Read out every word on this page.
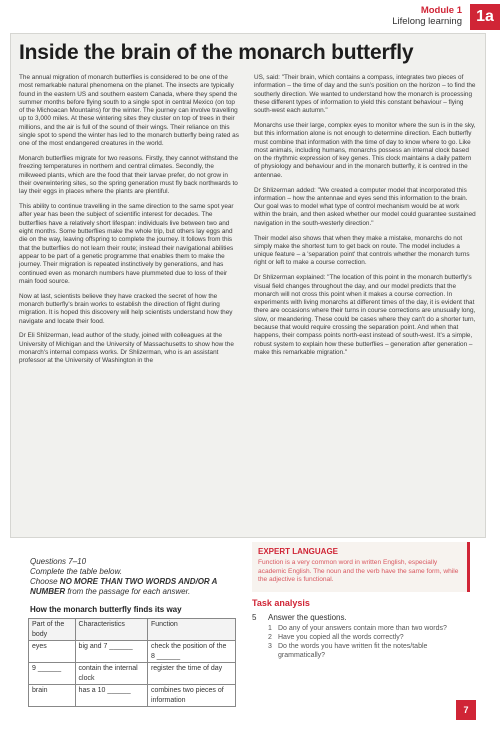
Module 1
Lifelong learning 1a
Inside the brain of the monarch butterfly

The annual migration of monarch butterflies is considered to be one of the most remarkable natural phenomena on the planet. The insects are typically found in the eastern US and southern eastern Canada, where they spend the summer months before flying south to a single spot in central Mexico (on top of the Michoacan Mountains) for the winter. The journey can involve travelling up to 3,000 miles. At these wintering sites they cluster on top of trees in their millions, and the air is full of the sound of their wings. Their reliance on this single spot to spend the winter has led to the monarch butterfly being rated as one of the most endangered creatures in the world.

Monarch butterflies migrate for two reasons. Firstly, they cannot withstand the freezing temperatures in northern and central climates. Secondly, the milkweed plants, which are the food that their larvae prefer, do not grow in their overwintering sites, so the spring generation must fly back northwards to lay their eggs in places where the plants are plentiful.

This ability to continue travelling in the same direction to the same spot year after year has been the subject of scientific interest for decades. The butterflies have a relatively short lifespan: individuals live between two and eight months. Some butterflies make the whole trip, but others lay eggs and die on the way, leaving offspring to complete the journey. It follows from this that the butterflies do not learn their route; instead their navigational abilities appear to be part of a genetic programme that enables them to make the journey. Their migration is repeated instinctively by generations, and has continued even as monarch numbers have plummeted due to loss of their main food source.

Now at last, scientists believe they have cracked the secret of how the monarch butterfly's brain works to establish the direction of flight during migration. It is hoped this discovery will help scientists understand how they navigate and locate their food.

Dr Eli Shlizerman, lead author of the study, joined with colleagues at the University of Michigan and the University of Massachusetts to show how the monarch's internal compass works. Dr Shlizerman, who is an assistant professor at the University of Washington in the

US, said: "Their brain, which contains a compass, integrates two pieces of information – the time of day and the sun's position on the horizon – to find the southerly direction. We wanted to understand how the monarch is processing these different types of information to yield this constant behaviour – flying south-west each autumn."

Monarchs use their large, complex eyes to monitor where the sun is in the sky, but this information alone is not enough to determine direction. Each butterfly must combine that information with the time of day to know where to go. Like most animals, including humans, monarchs possess an internal clock based on the rhythmic expression of key genes. This clock maintains a daily pattern of physiology and behaviour and in the monarch butterfly, it is centred in the antennae.

Dr Shlizerman added: "We created a computer model that incorporated this information – how the antennae and eyes send this information to the brain. Our goal was to model what type of control mechanism would be at work within the brain, and then asked whether our model could guarantee sustained navigation in the south-westerly direction."

Their model also shows that when they make a mistake, monarchs do not simply make the shortest turn to get back on route. The model includes a unique feature – a 'separation point' that controls whether the monarch turns right or left to make a course correction.

Dr Shlizerman explained: "The location of this point in the monarch butterfly's visual field changes throughout the day, and our model predicts that the monarch will not cross this point when it makes a course correction. In experiments with living monarchs at different times of the day, it is evident that there are occasions where their turns in course corrections are unusually long, slow, or meandering. These could be cases where they can't do a shorter turn, because that would require crossing the separation point. And when that happens, their compass points north-east instead of south-west. It's a simple, robust system to explain how these butterflies – generation after generation – make this remarkable migration."

Questions 7–10
Complete the table below.
Choose NO MORE THAN TWO WORDS AND/OR A NUMBER from the passage for each answer.
How the monarch butterfly finds its way
Part of the body	Characteristics	Function
eyes	big and 7 ______	check the position of the 8 ______
9 ______	contain the internal clock	register the time of day
brain	has a 10 ______	combines two pieces of information
EXPERT LANGUAGE
Function is a very common word in written English, especially academic English. The noun and the verb have the same form, while the adjective is functional.
Task analysis
5 Answer the questions.
1 Do any of your answers contain more than two words?
2 Have you copied all the words correctly?
3 Do the words you have written fit the notes/table grammatically?
7
